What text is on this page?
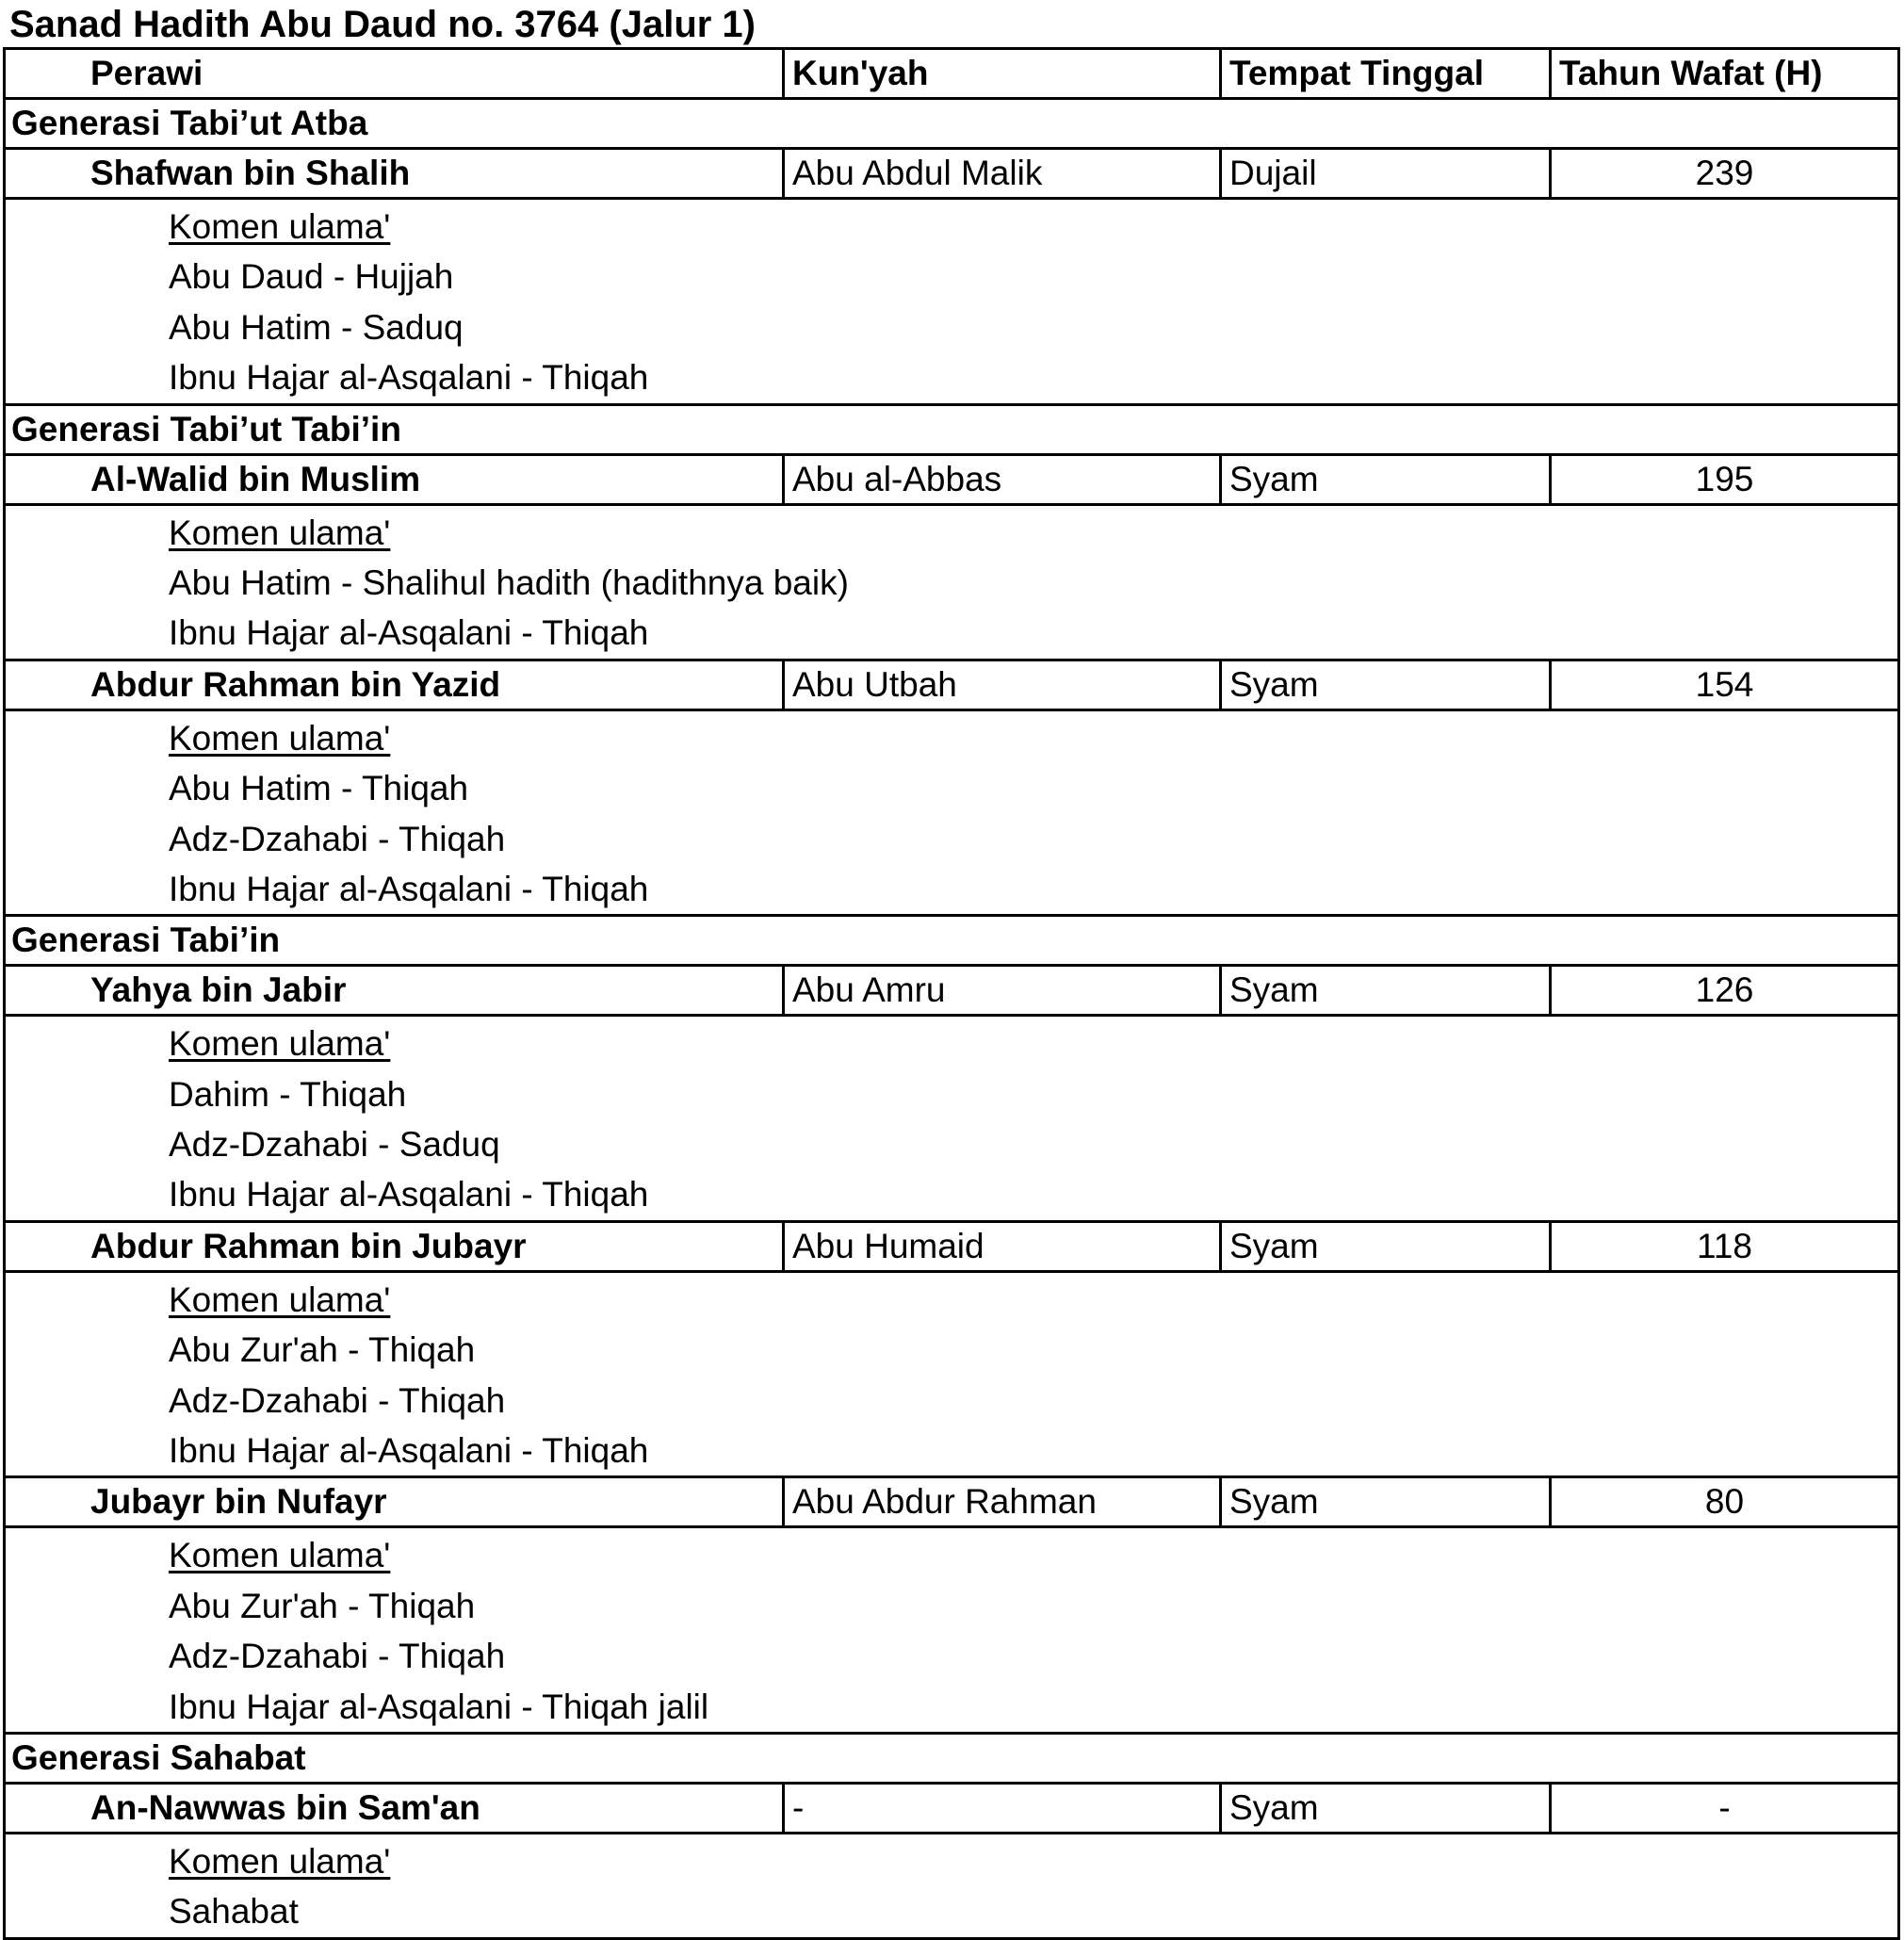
Sanad Hadith Abu Daud no. 3764 (Jalur 1)
Perawi	Kun'yah	Tempat Tinggal	Tahun Wafat (H)
Generasi Tabi’ut Atba
Shafwan bin Shalih	Abu Abdul Malik	Dujail	239
Komen ulama'
Abu Daud - Hujjah
Abu Hatim - Saduq
Ibnu Hajar al-Asqalani - Thiqah
Generasi Tabi’ut Tabi’in
Al-Walid bin Muslim	Abu al-Abbas	Syam	195
Komen ulama'
Abu Hatim - Shalihul hadith (hadithnya baik)
Ibnu Hajar al-Asqalani - Thiqah
Abdur Rahman bin Yazid	Abu Utbah	Syam	154
Komen ulama'
Abu Hatim - Thiqah
Adz-Dzahabi - Thiqah
Ibnu Hajar al-Asqalani - Thiqah
Generasi Tabi’in
Yahya bin Jabir	Abu Amru	Syam	126
Komen ulama'
Dahim - Thiqah
Adz-Dzahabi - Saduq
Ibnu Hajar al-Asqalani - Thiqah
Abdur Rahman bin Jubayr	Abu Humaid	Syam	118
Komen ulama'
Abu Zur'ah - Thiqah
Adz-Dzahabi - Thiqah
Ibnu Hajar al-Asqalani - Thiqah
Jubayr bin Nufayr	Abu Abdur Rahman	Syam	80
Komen ulama'
Abu Zur'ah - Thiqah
Adz-Dzahabi - Thiqah
Ibnu Hajar al-Asqalani - Thiqah jalil
Generasi Sahabat
An-Nawwas bin Sam'an	-	Syam	-
Komen ulama'
Sahabat
